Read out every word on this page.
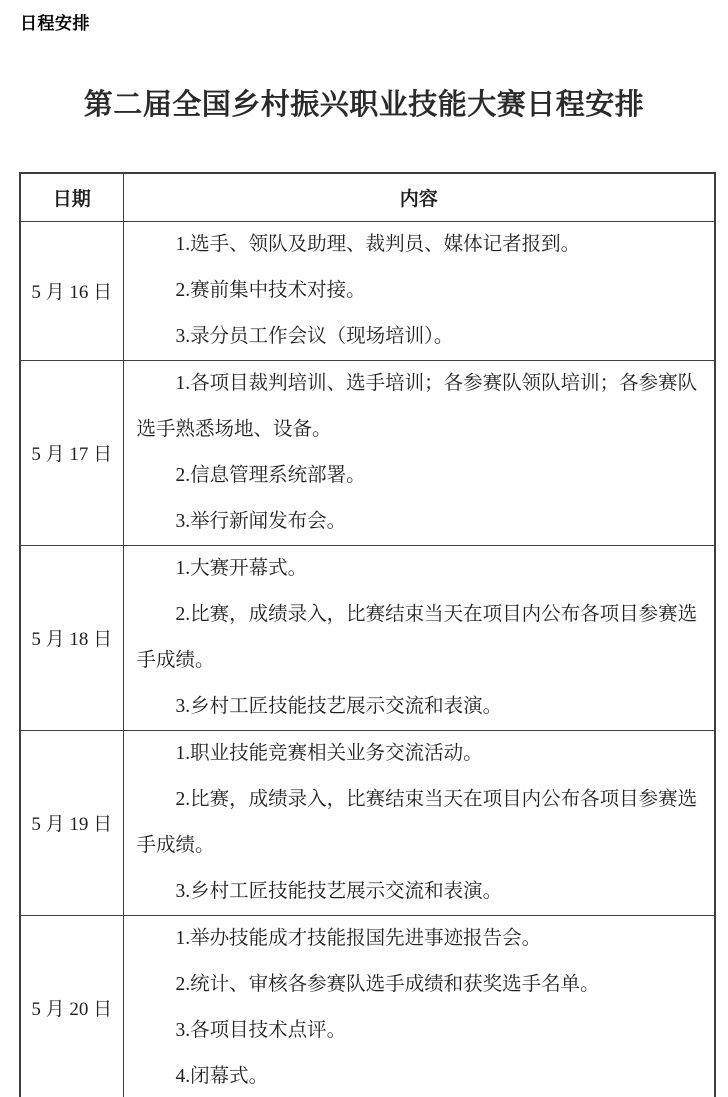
日程安排
第二届全国乡村振兴职业技能大赛日程安排
日期	内容
5 月 16 日	1.选手、领队及助理、裁判员、媒体记者报到。

2.赛前集中技术对接。

3.录分员工作会议（现场培训）。

5 月 17 日	1.各项目裁判培训、选手培训；各参赛队领队培训；各参赛队选手熟悉场地、设备。

2.信息管理系统部署。

3.举行新闻发布会。

5 月 18 日	1.大赛开幕式。

2.比赛，成绩录入，比赛结束当天在项目内公布各项目参赛选手成绩。

3.乡村工匠技能技艺展示交流和表演。

5 月 19 日	1.职业技能竞赛相关业务交流活动。

2.比赛，成绩录入，比赛结束当天在项目内公布各项目参赛选手成绩。

3.乡村工匠技能技艺展示交流和表演。

5 月 20 日	1.举办技能成才技能报国先进事迹报告会。

2.统计、审核各参赛队选手成绩和获奖选手名单。

3.各项目技术点评。

4.闭幕式。
